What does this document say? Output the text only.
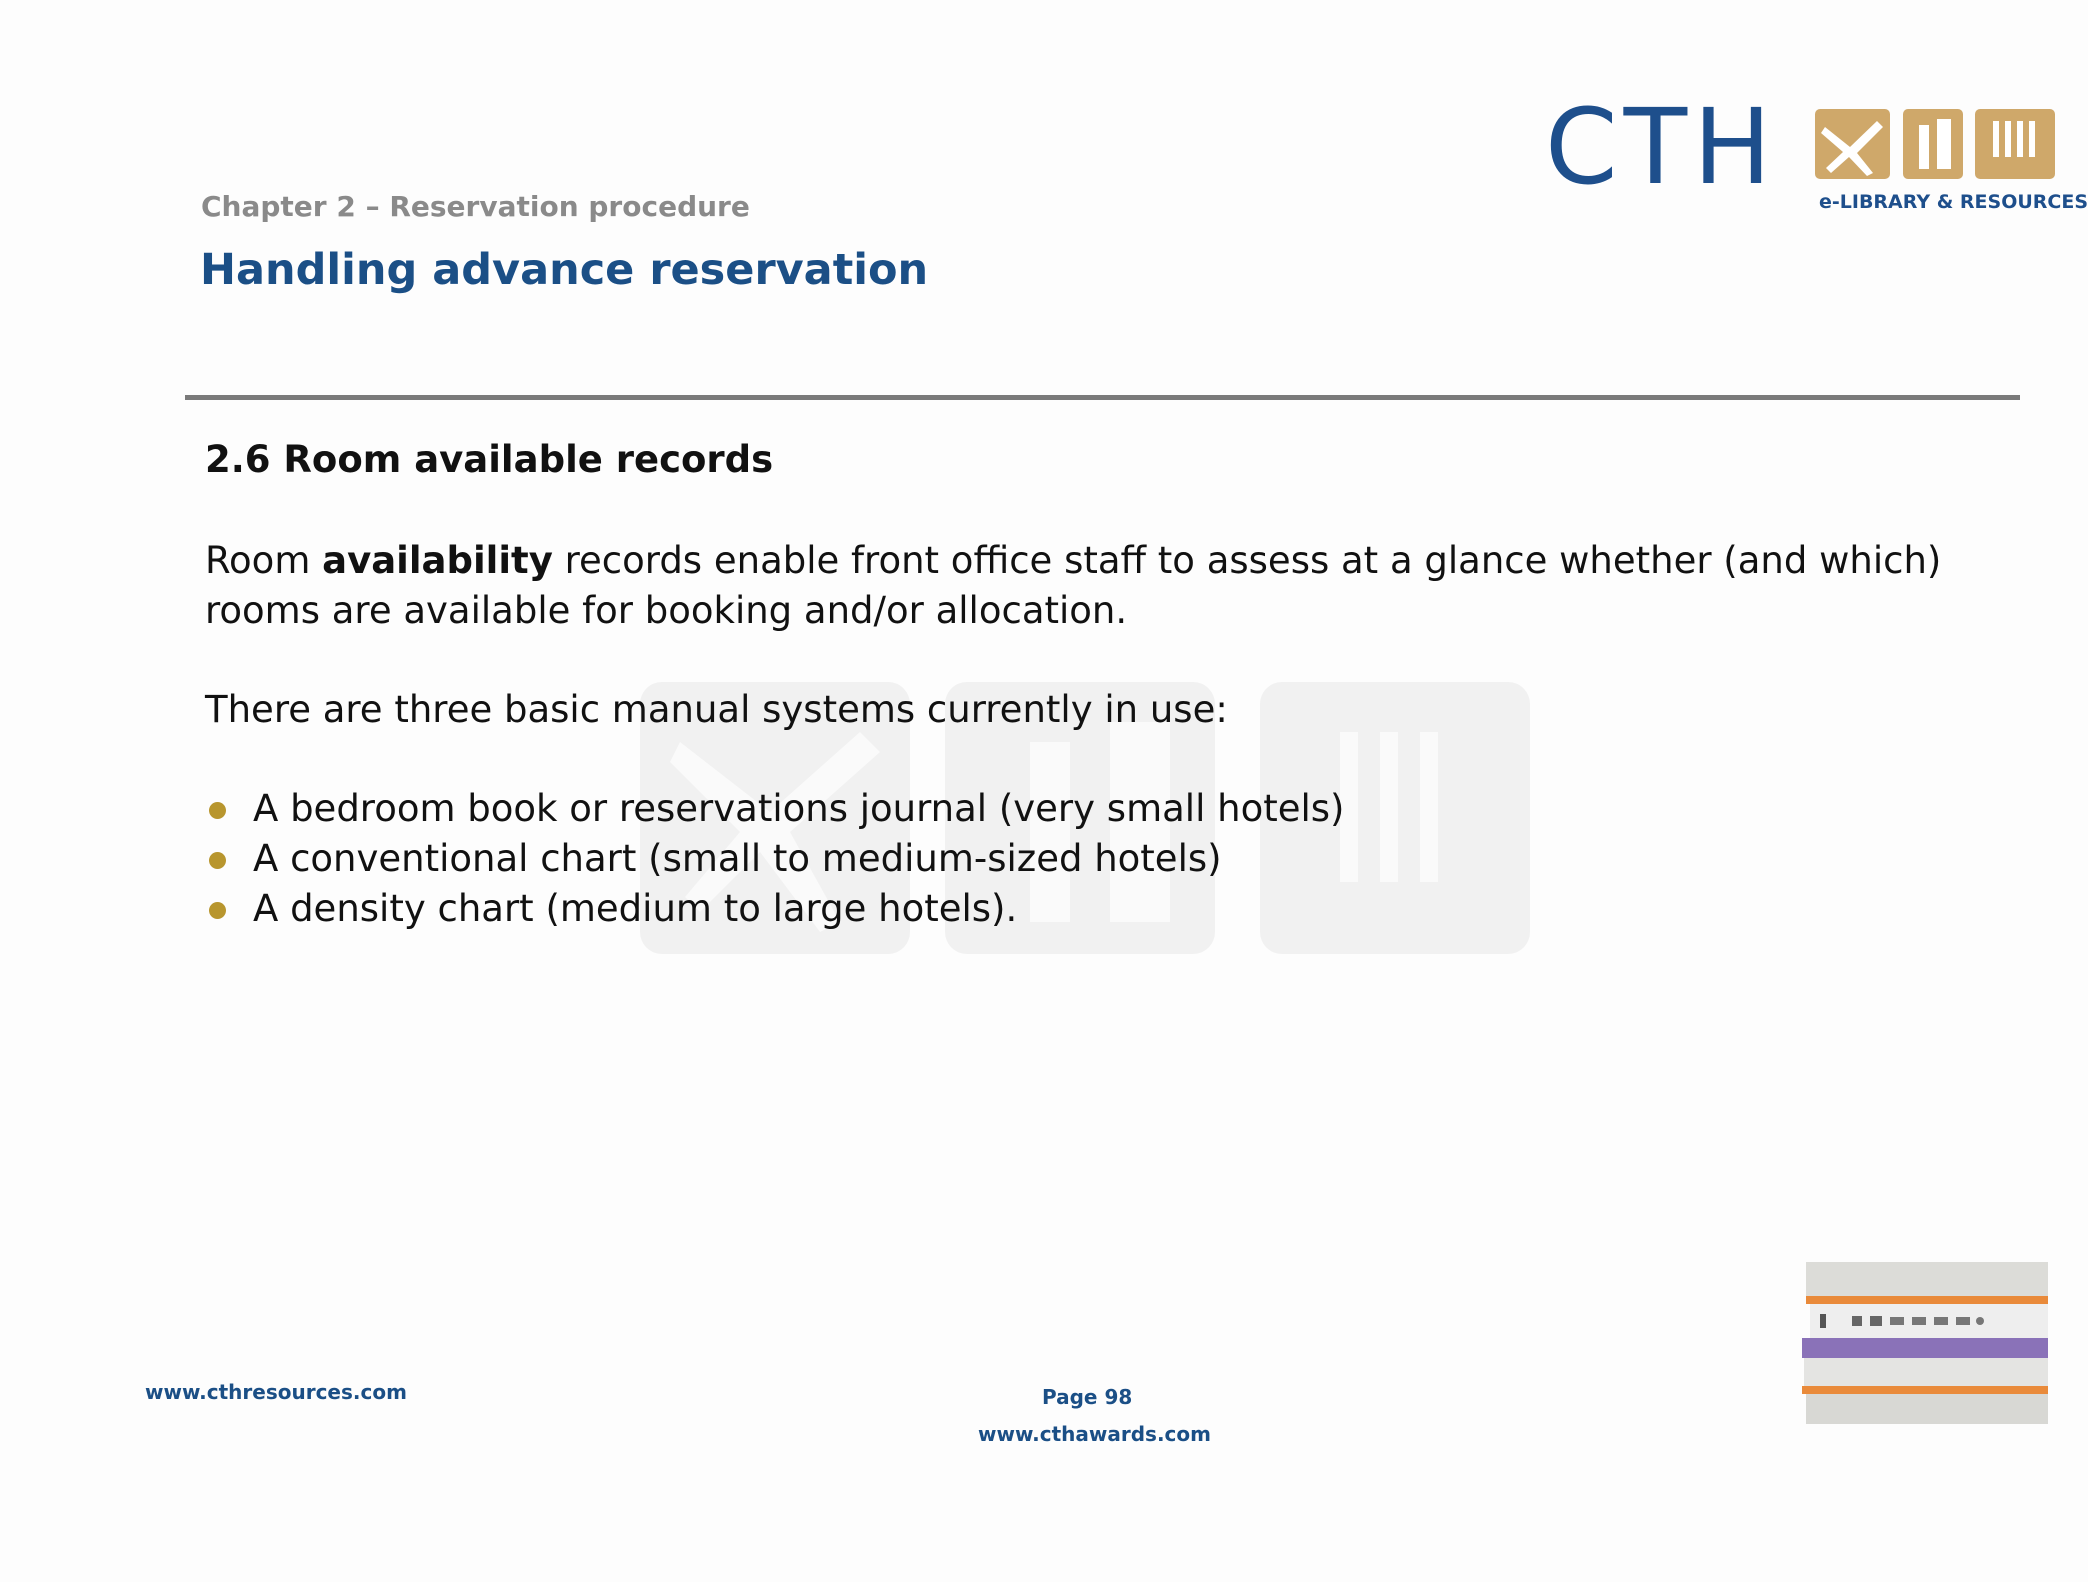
CTH e-LIBRARY & RESOURCES
Chapter 2 – Reservation procedure
Handling advance reservation
2.6 Room available records
Room availability records enable front office staff to assess at a glance whether (and which) rooms are available for booking and/or allocation.
There are three basic manual systems currently in use:
A bedroom book or reservations journal (very small hotels)
A conventional chart (small to medium-sized hotels)
A density chart (medium to large hotels).
www.cthresources.com	Page 98
www.cthawards.com
